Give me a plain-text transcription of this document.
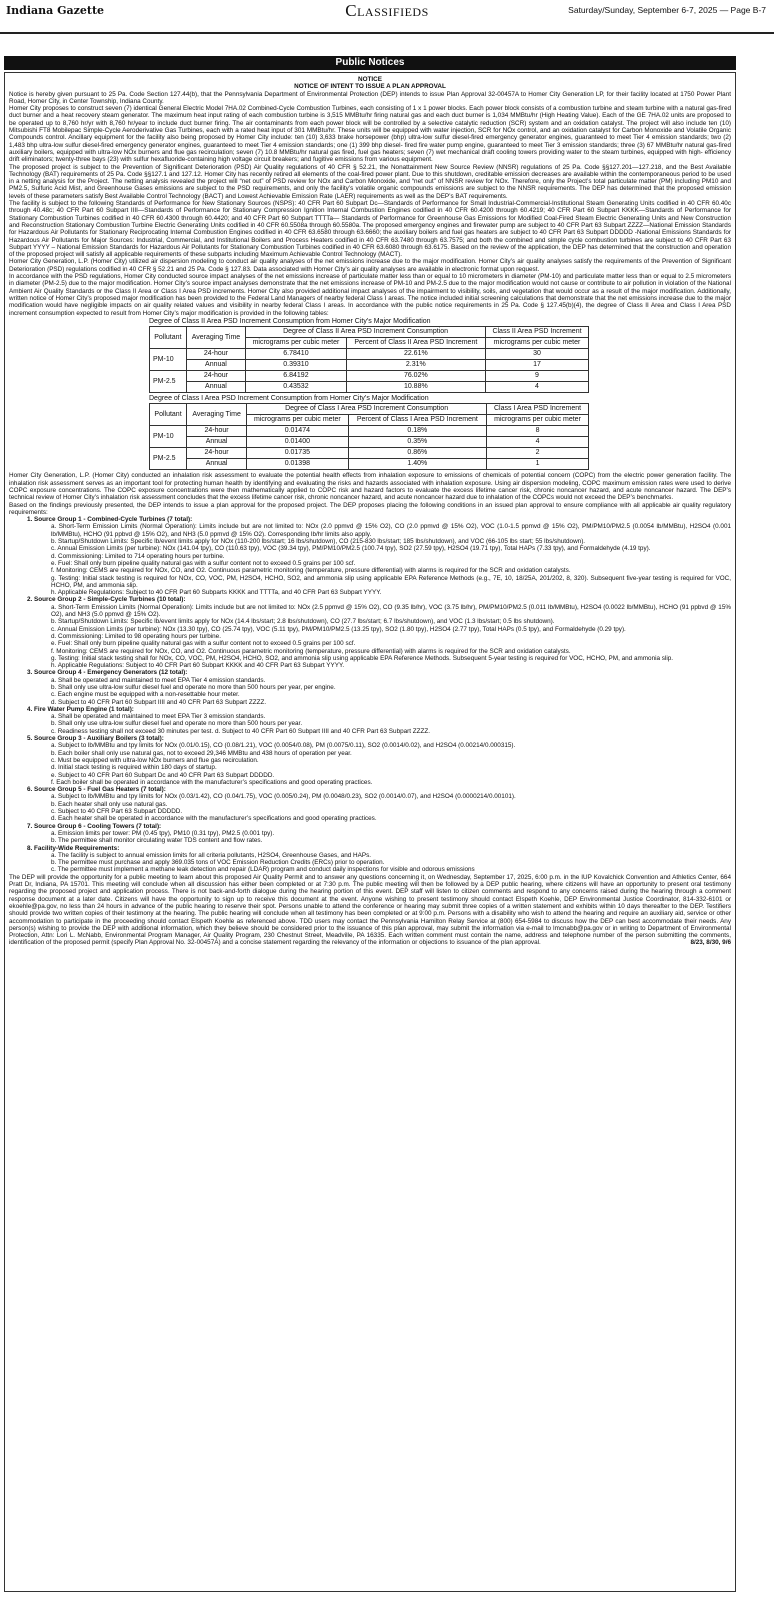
Indiana Gazette	Classifieds	Saturday/Sunday, September 6-7, 2025 — Page B-7
Public Notices
NOTICE
NOTICE OF INTENT TO ISSUE A PLAN APPROVAL

Notice is hereby given pursuant to 25 Pa. Code Section 127.44(b), that the Pennsylvania Department of Environmental Protection (DEP) intends to issue Plan Approval 32-00457A to Homer City Generation LP, for their facility located at 1750 Power Plant Road, Homer City, in Center Township, Indiana County.

Homer City proposes to construct seven (7) identical General Electric Model 7HA.02 Combined-Cycle Combustion Turbines, each consisting of 1 x 1 power blocks. Each power block consists of a combustion turbine and steam turbine with a natural gas-fired duct burner and a heat recovery steam generator. The maximum heat input rating of each combustion turbine is 3,515 MMBtu/hr firing natural gas and each duct burner is 1,034 MMBtu/hr (High Heating Value). Each of the GE 7HA.02 units are proposed to be operated up to 8,760 hr/yr with 8,760 hr/year to include duct burner firing. The air contaminants from each power block will be controlled by a selective catalytic reduction (SCR) system and an oxidation catalyst. The project will also include ten (10) Mitsubishi FT8 Mobilepac Simple-Cycle Aeroderivative Gas Turbines, each with a rated heat input of 301 MMBtu/hr. These units will be equipped with water injection, SCR for NOx control, and an oxidation catalyst for Carbon Monoxide and Volatile Organic Compounds control. Ancillary equipment for the facility also being proposed by Homer City include: ten (10) 3,633 brake horsepower (bhp) ultra-low sulfur diesel-fired emergency generator engines, guaranteed to meet Tier 4 emission standards; two (2) 1,483 bhp ultra-low sulfur diesel-fired emergency generator engines, guaranteed to meet Tier 4 emission standards; one (1) 399 bhp diesel- fired fire water pump engine, guaranteed to meet Tier 3 emission standards; three (3) 67 MMBtu/hr natural gas-fired auxiliary boilers, equipped with ultra-low NOx burners and flue gas recirculation; seven (7) 10.8 MMBtu/hr natural gas fired, fuel gas heaters; seven (7) wet mechanical draft cooling towers providing water to the steam turbines, equipped with high- efficiency drift eliminators; twenty-three bays (23) with sulfur hexafluoride-containing high voltage circuit breakers; and fugitive emissions from various equipment.

The proposed project is subject to the Prevention of Significant Deterioration (PSD) Air Quality regulations of 40 CFR § 52.21, the Nonattainment New Source Review (NNSR) regulations of 25 Pa. Code §§127.201—127.218, and the Best Available Technology (BAT) requirements of 25 Pa. Code §§127.1 and 127.12. Homer City has recently retired all elements of the coal-fired power plant. Due to this shutdown, creditable emission decreases are available within the contemporaneous period to be used in a netting analysis for the Project. The netting analysis revealed the project will “net out” of PSD review for NOx and Carbon Monoxide, and “net out” of NNSR review for NOx. Therefore, only the Project’s total particulate matter (PM) including PM10 and PM2.5, Sulfuric Acid Mist, and Greenhouse Gases emissions are subject to the PSD requirements, and only the facility’s volatile organic compounds emissions are subject to the NNSR requirements. The DEP has determined that the proposed emission levels of these parameters satisfy Best Available Control Technology (BACT) and Lowest Achievable Emission Rate (LAER) requirements as well as the DEP’s BAT requirements.

The facility is subject to the following Standards of Performance for New Stationary Sources (NSPS): 40 CFR Part 60 Subpart Dc—Standards of Performance for Small Industrial-Commercial-Institutional Steam Generating Units codified in 40 CFR 60.40c through 40.48c; 40 CFR Part 60 Subpart IIII—Standards of Performance for Stationary Compression Ignition Internal Combustion Engines codified in 40 CFR 60.4200 through 60.4219; 40 CFR Part 60 Subpart KKKK—Standards of Performance for Stationary Combustion Turbines codified in 40 CFR 60.4300 through 60.4420; and 40 CFR Part 60 Subpart TTTTa— Standards of Performance for Greenhouse Gas Emissions for Modified Coal-Fired Steam Electric Generating Units and New Construction and Reconstruction Stationary Combustion Turbine Electric Generating Units codified in 40 CFR 60.5508a through 60.5580a. The proposed emergency engines and firewater pump are subject to 40 CFR Part 63 Subpart ZZZZ—National Emission Standards for Hazardous Air Pollutants for Stationary Reciprocating Internal Combustion Engines codified in 40 CFR 63.6580 through 63.6660; the auxiliary boilers and fuel gas heaters are subject to 40 CFR Part 63 Subpart DDDDD -National Emissions Standards for Hazardous Air Pollutants for Major Sources: Industrial, Commercial, and Institutional Boilers and Process Heaters codified in 40 CFR 63.7480 through 63.7575; and both the combined and simple cycle combustion turbines are subject to 40 CFR Part 63 Subpart YYYY – National Emission Standards for Hazardous Air Pollutants for Stationary Combustion Turbines codified in 40 CFR 63.6080 through 63.6175. Based on the review of the application, the DEP has determined that the construction and operation of the proposed project will satisfy all applicable requirements of these subparts including Maximum Achievable Control Technology (MACT).

Homer City Generation, L.P. (Homer City) utilized air dispersion modeling to conduct air quality analyses of the net emissions increase due to the major modification. Homer City’s air quality analyses satisfy the requirements of the Prevention of Significant Deterioration (PSD) regulations codified in 40 CFR § 52.21 and 25 Pa. Code § 127.83. Data associated with Homer City’s air quality analyses are available in electronic format upon request.

In accordance with the PSD regulations, Homer City conducted source impact analyses of the net emissions increase of particulate matter less than or equal to 10 micrometers in diameter (PM-10) and particulate matter less than or equal to 2.5 micrometers in diameter (PM-2.5) due to the major modification. Homer City’s source impact analyses demonstrate that the net emissions increase of PM-10 and PM-2.5 due to the major modification would not cause or contribute to air pollution in violation of the National Ambient Air Quality Standards or the Class II Area or Class I Area PSD increments. Homer City also provided additional impact analyses of the impairment to visibility, soils, and vegetation that would occur as a result of the major modification. Additionally, written notice of Homer City’s proposed major modification has been provided to the Federal Land Managers of nearby federal Class I areas. The notice included initial screening calculations that demonstrate that the net emissions increase due to the major modification would have negligible impacts on air quality related values and visibility in nearby federal Class I areas. In accordance with the public notice requirements in 25 Pa. Code § 127.45(b)(4), the degree of Class II Area and Class I Area PSD increment consumption expected to result from Homer City’s major modification is provided in the following tables:

Degree of Class II Area PSD Increment Consumption from Homer City’s Major Modification
Pollutant	Averaging Time	Degree of Class II Area PSD Increment Consumption		Class II Area PSD Increment
		micrograms per cubic meter	Percent of Class II Area PSD Increment	micrograms per cubic meter
PM-10	24-hour	6.78410	22.61%	30
	Annual	0.39310	2.31%	17
PM-2.5	24-hour	6.84192	76.02%	9
	Annual	0.43532	10.88%	4
Degree of Class I Area PSD Increment Consumption from Homer City’s Major Modification
Pollutant	Averaging Time	Degree of Class I Area PSD Increment Consumption		Class I Area PSD Increment
		micrograms per cubic meter	Percent of Class I Area PSD Increment	micrograms per cubic meter
PM-10	24-hour	0.01474	0.18%	8
	Annual	0.01400	0.35%	4
PM-2.5	24-hour	0.01735	0.86%	2
	Annual	0.01398	1.40%	1

Homer City Generation, L.P. (Homer City) conducted an inhalation risk assessment to evaluate the potential health effects from inhalation exposure to emissions of chemicals of potential concern (COPC) from the electric power generation facility. The inhalation risk assessment serves as an important tool for protecting human health by identifying and evaluating the risks and hazards associated with inhalation exposure. Using air dispersion modeling, COPC maximum emission rates were used to derive COPC exposure concentrations. The COPC exposure concentrations were then mathematically applied to COPC risk and hazard factors to evaluate the excess lifetime cancer risk, chronic noncancer hazard, and acute noncancer hazard. The DEP’s technical review of Homer City’s inhalation risk assessment concludes that the excess lifetime cancer risk, chronic noncancer hazard, and acute noncancer hazard due to inhalation of the COPCs would not exceed the DEP’s benchmarks.

Based on the findings previously presented, the DEP intends to issue a plan approval for the proposed project. The DEP proposes placing the following conditions in an issued plan approval to ensure compliance with all applicable air quality regulatory requirements:

1. Source Group 1 - Combined-Cycle Turbines (7 total):
a. Short-Term Emission Limits (Normal Operation): Limits include but are not limited to: NOx (2.0 ppmvd @ 15% O2), CO (2.0 ppmvd @ 15% O2), VOC (1.0-1.5 ppmvd @ 15% O2), PM/PM10/PM2.5 (0.0054 lb/MMBtu), H2SO4 (0.001 lb/MMBtu), HCHO (91 ppbvd @ 15% O2), and NH3 (5.0 ppmvd @ 15% O2). Corresponding lb/hr limits also apply.
b. Startup/Shutdown Limits: Specific lb/event limits apply for NOx (110-200 lbs/start; 16 lbs/shutdown), CO (215-830 lbs/start; 185 lbs/shutdown), and VOC (66-105 lbs start; 55 lbs/shutdown).
c. Annual Emission Limits (per turbine): NOx (141.04 tpy), CO (110.63 tpy), VOC (39.34 tpy), PM/PM10/PM2.5 (100.74 tpy), SO2 (27.59 tpy), H2SO4 (19.71 tpy), Total HAPs (7.33 tpy), and Formaldehyde (4.19 tpy).
d. Commissioning: Limited to 714 operating hours per turbine.
e. Fuel: Shall only burn pipeline quality natural gas with a sulfur content not to exceed 0.5 grains per 100 scf.
f. Monitoring: CEMS are required for NOx, CO, and O2. Continuous parametric monitoring (temperature, pressure differential) with alarms is required for the SCR and oxidation catalysts.
g. Testing: Initial stack testing is required for NOx, CO, VOC, PM, H2SO4, HCHO, SO2, and ammonia slip using applicable EPA Reference Methods (e.g., 7E, 10, 18/25A, 201/202, 8, 320). Subsequent five-year testing is required for VOC, HCHO, PM, and ammonia slip.
h. Applicable Regulations: Subject to 40 CFR Part 60 Subparts KKKK and TTTTa, and 40 CFR Part 63 Subpart YYYY.
2. Source Group 2 - Simple-Cycle Turbines (10 total):
a. Short-Term Emission Limits (Normal Operation): Limits include but are not limited to: NOx (2.5 ppmvd @ 15% O2), CO (9.35 lb/hr), VOC (3.75 lb/hr), PM/PM10/PM2.5 (0.011 lb/MMBtu), H2SO4 (0.0022 lb/MMBtu), HCHO (91 ppbvd @ 15% O2), and NH3 (5.0 ppmvd @ 15% O2).
b. Startup/Shutdown Limits: Specific lb/event limits apply for NOx (14.4 lbs/start; 2.8 lbs/shutdown), CO (27.7 lbs/start; 6.7 lbs/shutdown), and VOC (1.3 lbs/start; 0.5 lbs shutdown).
c. Annual Emission Limits (per turbine): NOx (13.30 tpy), CO (25.74 tpy), VOC (5.11 tpy), PM/PM10/PM2.5 (13.25 tpy), SO2 (1.80 tpy), H2SO4 (2.77 tpy), Total HAPs (0.5 tpy), and Formaldehyde (0.29 tpy).
d. Commissioning: Limited to 98 operating hours per turbine.
e. Fuel: Shall only burn pipeline quality natural gas with a sulfur content not to exceed 0.5 grains per 100 scf.
f. Monitoring: CEMS are required for NOx, CO, and O2. Continuous parametric monitoring (temperature, pressure differential) with alarms is required for the SCR and oxidation catalysts.
g. Testing: Initial stack testing shall for NOx, CO, VOC, PM, H2SO4, HCHO, SO2, and ammonia slip using applicable EPA Reference Methods. Subsequent 5-year testing is required for VOC, HCHO, PM, and ammonia slip.
h. Applicable Regulations: Subject to 40 CFR Part 60 Subpart KKKK and 40 CFR Part 63 Subpart YYYY.
3. Source Group 4 - Emergency Generators (12 total):
a. Shall be operated and maintained to meet EPA Tier 4 emission standards.
b. Shall only use ultra-low sulfur diesel fuel and operate no more than 500 hours per year, per engine.
c. Each engine must be equipped with a non-resettable hour meter.
d. Subject to 40 CFR Part 60 Subpart IIII and 40 CFR Part 63 Subpart ZZZZ.
4. Fire Water Pump Engine (1 total):
a. Shall be operated and maintained to meet EPA Tier 3 emission standards.
b. Shall only use ultra-low sulfur diesel fuel and operate no more than 500 hours per year.
c. Readiness testing shall not exceed 30 minutes per test. d. Subject to 40 CFR Part 60 Subpart IIII and 40 CFR Part 63 Subpart ZZZZ.
5. Source Group 3 - Auxiliary Boilers (3 total):
a. Subject to lb/MMBtu and tpy limits for NOx (0.01/0.15), CO (0.08/1.21), VOC (0.0054/0.08), PM (0.0075/0.11), SO2 (0.0014/0.02), and H2SO4 (0.00214/0.000315).
b. Each boiler shall only use natural gas, not to exceed 29,346 MMBtu and 438 hours of operation per year.
c. Must be equipped with ultra-low NOx burners and flue gas recirculation.
d. Initial stack testing is required within 180 days of startup.
e. Subject to 40 CFR Part 60 Subpart Dc and 40 CFR Part 63 Subpart DDDDD.
f. Each boiler shall be operated in accordance with the manufacturer’s specifications and good operating practices.
6. Source Group 5 - Fuel Gas Heaters (7 total):
a. Subject to lb/MMBtu and tpy limits for NOx (0.03/1.42), CO (0.04/1.75), VOC (0.005/0.24), PM (0.0048/0.23), SO2 (0.0014/0.07), and H2SO4 (0.0000214/0.00101).
b. Each heater shall only use natural gas.
c. Subject to 40 CFR Part 63 Subpart DDDDD.
d. Each heater shall be operated in accordance with the manufacturer’s specifications and good operating practices.
7. Source Group 6 - Cooling Towers (7 total):
a. Emission limits per tower: PM (0.45 tpy), PM10 (0.31 tpy), PM2.5 (0.001 tpy).
b. The permittee shall monitor circulating water TDS content and flow rates.
8. Facility-Wide Requirements:
a. The facility is subject to annual emission limits for all criteria pollutants, H2SO4, Greenhouse Gases, and HAPs.
b. The permittee must purchase and apply 369.035 tons of VOC Emission Reduction Credits (ERCs) prior to operation.
c. The permittee must implement a methane leak detection and repair (LDAR) program and conduct daily inspections for visible and odorous emissions

The DEP will provide the opportunity for a public meeting to learn about this proposed Air Quality Permit and to answer any questions concerning it, on Wednesday, September 17, 2025, 6:00 p.m. in the IUP Kovalchick Convention and Athletics Center, 664 Pratt Dr, Indiana, PA 15701. This meeting will conclude when all discussion has either been completed or at 7:30 p.m. The public meeting will then be followed by a DEP public hearing, where citizens will have an opportunity to present oral testimony regarding the proposed project and application process. There is not back-and-forth dialogue during the hearing portion of this event. DEP staff will listen to citizen comments and respond to any concerns raised during the hearing through a comment response document at a later date. Citizens will have the opportunity to sign up to receive this document at the event. Anyone wishing to present testimony should contact Elspeth Koehle, DEP Environmental Justice Coordinator, 814-332-6101 or ekoehle@pa.gov, no less than 24 hours in advance of the public hearing to reserve their spot. Persons unable to attend the conference or hearing may submit three copies of a written statement and exhibits within 10 days thereafter to the DEP. Testifiers should provide two written copies of their testimony at the hearing. The public hearing will conclude when all testimony has been completed or at 9:00 p.m. Persons with a disability who wish to attend the hearing and require an auxiliary aid, service or other accommodation to participate in the proceeding should contact Elspeth Koehle as referenced above. TDD users may contact the Pennsylvania Hamilton Relay Service at (800) 654-5984 to discuss how the DEP can best accommodate their needs. Any person(s) wishing to provide the DEP with additional information, which they believe should be considered prior to the issuance of this plan approval, may submit the information via e-mail to lmcnabb@pa.gov or in writing to Department of Environmental Protection, Attn: Lori L. McNabb, Environmental Program Manager, Air Quality Program, 230 Chestnut Street, Meadville, PA 16335. Each written comment must contain the name, address and telephone number of the person submitting the comments, identification of the proposed permit (specify Plan Approval No. 32-00457A) and a concise statement regarding the relevancy of the information or objections to issuance of the plan approval.	8/23, 8/30, 9/6
